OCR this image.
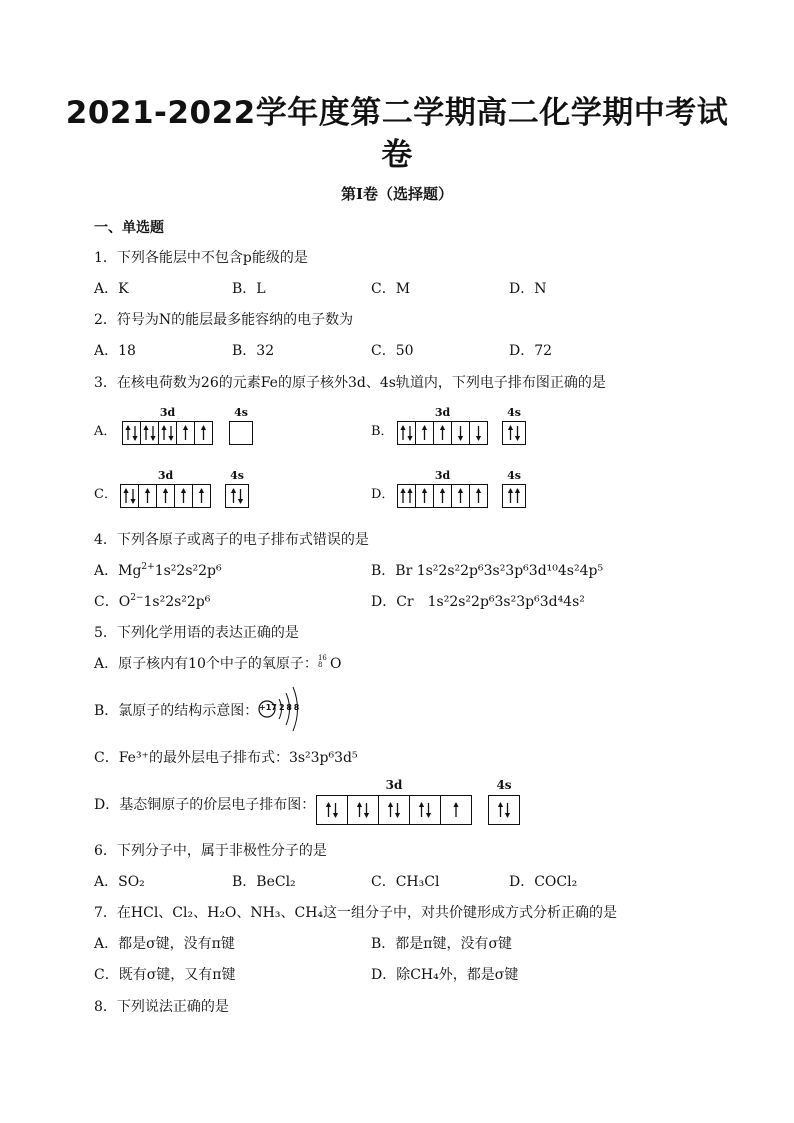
2021-2022学年度第二学期高二化学期中考试卷

第I卷（选择题）

一、单选题

1．下列各能层中不包含p能级的是

A．K	B．L	C．M	D．N

2．符号为N的能层最多能容纳的电子数为

A．18	B．32	C．50	D．72

3．在核电荷数为26的元素Fe的原子核外3d、4s轨道内，下列电子排布图正确的是

A．
3d	4s
B．
3d	4s
C．
3d	4s
D．
3d	4s

4．下列各原子或离子的电子排布式错误的是

A．$Mg^{2+}1s^22s^22p^6$	B．Br 1s²2s²2p⁶3s²3p⁶3d¹⁰4s²4p⁵

C．$O^{2-}1s^22s^22p^6$	D．Cr　1s²2s²2p⁶3s²3p⁶3d⁴4s²

5．下列化学用语的表达正确的是

A．原子核内有10个中子的氧原子： 16
8 O

B．氯原子的结构示意图： +17 2 8 8

C．Fe³⁺的最外层电子排布式：3s²3p⁶3d⁵

D．基态铜原子的价层电子排布图：

3d	4s

6．下列分子中，属于非极性分子的是

A．SO₂	B．BeCl₂	C．CH₃Cl	D．COCl₂

7．在HCl、Cl₂、H₂O、NH₃、CH₄这一组分子中，对共价键形成方式分析正确的是

A．都是σ键，没有π键	B．都是π键，没有σ键

C．既有σ键，又有π键	D．除CH₄外，都是σ键

8．下列说法正确的是
